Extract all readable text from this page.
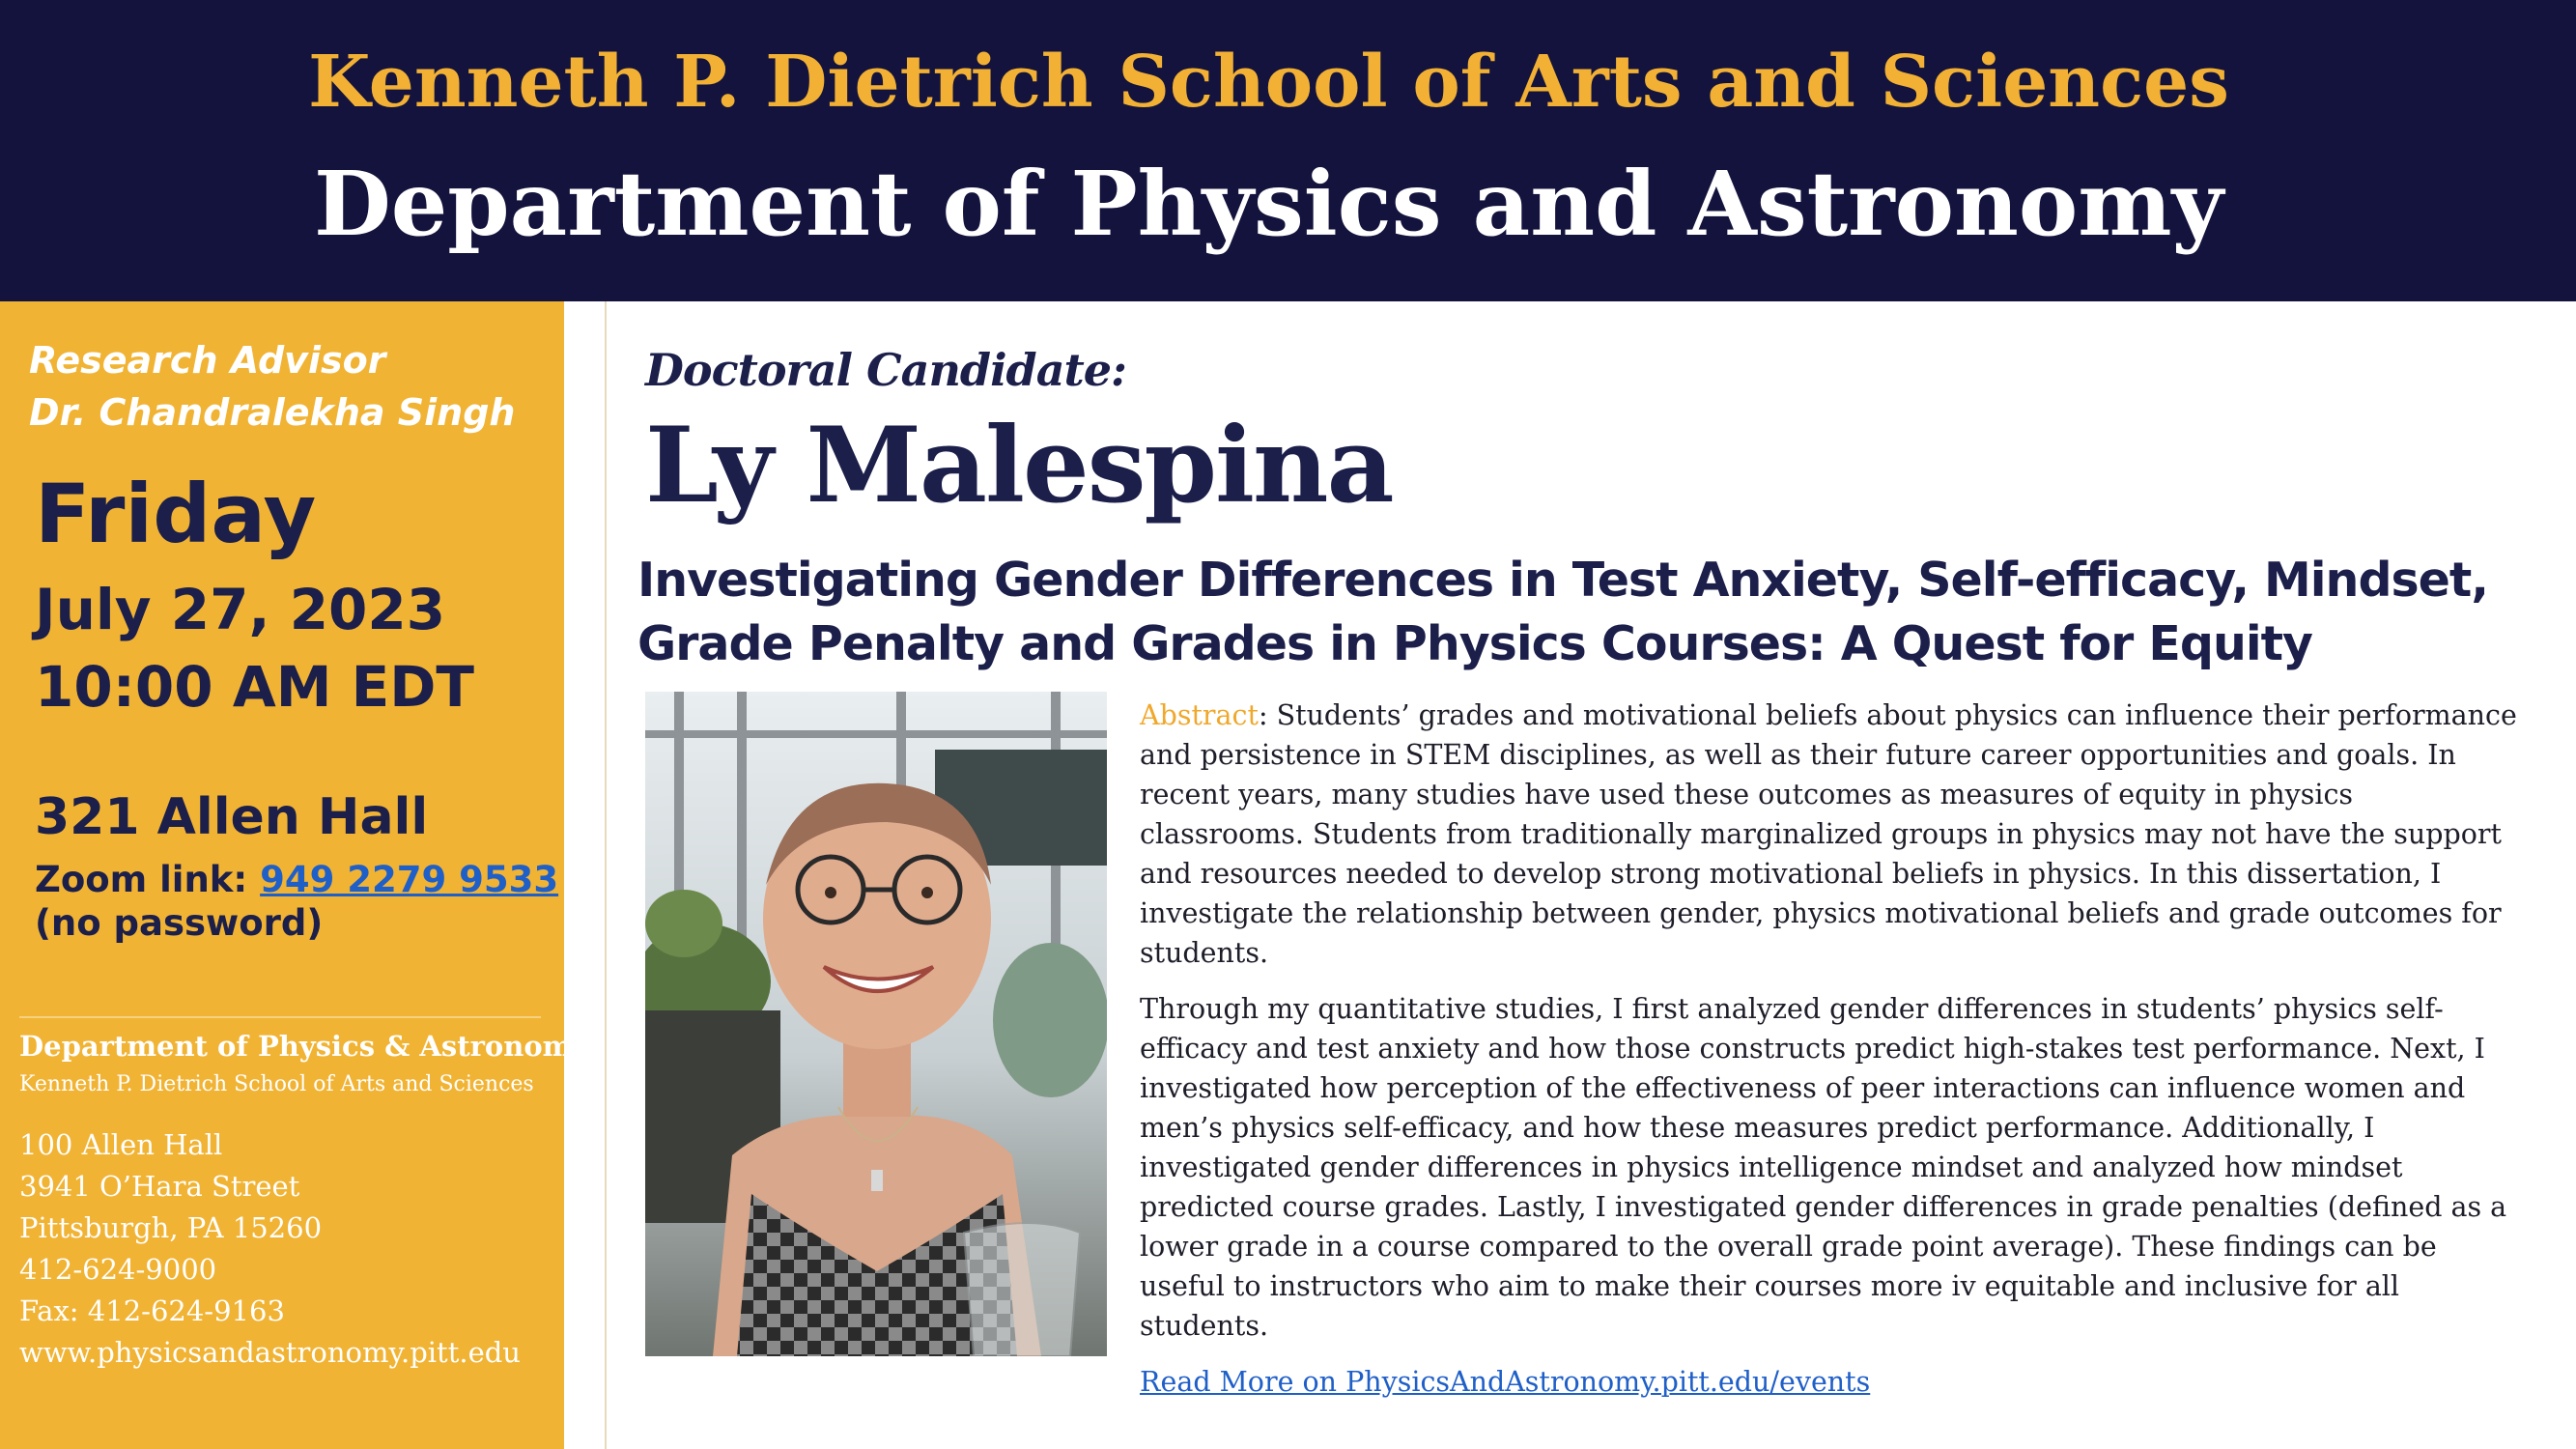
Kenneth P. Dietrich School of Arts and Sciences
Department of Physics and Astronomy
Research Advisor
Dr. Chandralekha Singh
Friday
July 27, 2023
10:00 AM EDT
321 Allen Hall
Zoom link: 949 2279 9533
(no password)
Department of Physics & Astronomy
Kenneth P. Dietrich School of Arts and Sciences
100 Allen Hall
3941 O’Hara Street
Pittsburgh, PA 15260
412-624-9000
Fax: 412-624-9163
www.physicsandastronomy.pitt.edu
Doctoral Candidate:
Ly Malespina
Investigating Gender Differences in Test Anxiety, Self-efficacy, Mindset,
Grade Penalty and Grades in Physics Courses: A Quest for Equity

Abstract: Students’ grades and motivational beliefs about physics can influence their performance and persistence in STEM disciplines, as well as their future career opportunities and goals. In recent years, many studies have used these outcomes as measures of equity in physics classrooms. Students from traditionally marginalized groups in physics may not have the support and resources needed to develop strong motivational beliefs in physics. In this dissertation, I investigate the relationship between gender, physics motivational beliefs and grade outcomes for students.

Through my quantitative studies, I first analyzed gender differences in students’ physics self-efficacy and test anxiety and how those constructs predict high-stakes test performance. Next, I investigated how perception of the effectiveness of peer interactions can influence women and men’s physics self-efficacy, and how these measures predict performance. Additionally, I investigated gender differences in physics intelligence mindset and analyzed how mindset predicted course grades. Lastly, I investigated gender differences in grade penalties (defined as a lower grade in a course compared to the overall grade point average). These findings can be useful to instructors who aim to make their courses more iv equitable and inclusive for all students.

Read More on PhysicsAndAstronomy.pitt.edu/events
